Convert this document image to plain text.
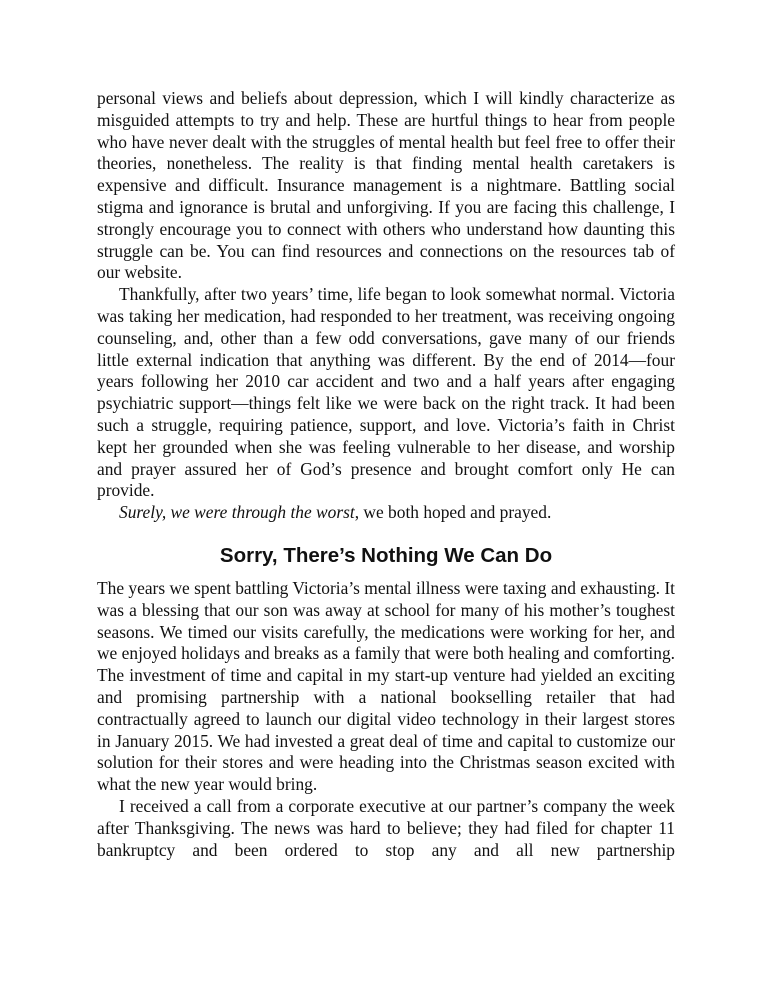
personal views and beliefs about depression, which I will kindly characterize as misguided attempts to try and help. These are hurtful things to hear from people who have never dealt with the struggles of mental health but feel free to offer their theories, nonetheless. The reality is that finding mental health caretakers is expensive and difficult. Insurance management is a nightmare. Battling social stigma and ignorance is brutal and unforgiving. If you are facing this challenge, I strongly encourage you to connect with others who understand how daunting this struggle can be. You can find resources and connections on the resources tab of our website.

Thankfully, after two years’ time, life began to look somewhat normal. Victoria was taking her medication, had responded to her treatment, was receiving ongoing counseling, and, other than a few odd conversations, gave many of our friends little external indication that anything was different. By the end of 2014—four years following her 2010 car accident and two and a half years after engaging psychiatric support—things felt like we were back on the right track. It had been such a struggle, requiring patience, support, and love. Victoria’s faith in Christ kept her grounded when she was feeling vulnerable to her disease, and worship and prayer assured her of God’s presence and brought comfort only He can provide.

Surely, we were through the worst, we both hoped and prayed.

Sorry, There’s Nothing We Can Do

The years we spent battling Victoria’s mental illness were taxing and exhausting. It was a blessing that our son was away at school for many of his mother’s toughest seasons. We timed our visits carefully, the medications were working for her, and we enjoyed holidays and breaks as a family that were both healing and comforting. The investment of time and capital in my start-up venture had yielded an exciting and promising partnership with a national bookselling retailer that had contractually agreed to launch our digital video technology in their largest stores in January 2015. We had invested a great deal of time and capital to customize our solution for their stores and were heading into the Christmas season excited with what the new year would bring.

I received a call from a corporate executive at our partner’s company the week after Thanksgiving. The news was hard to believe; they had filed for chapter 11 bankruptcy and been ordered to stop any and all new partnership
